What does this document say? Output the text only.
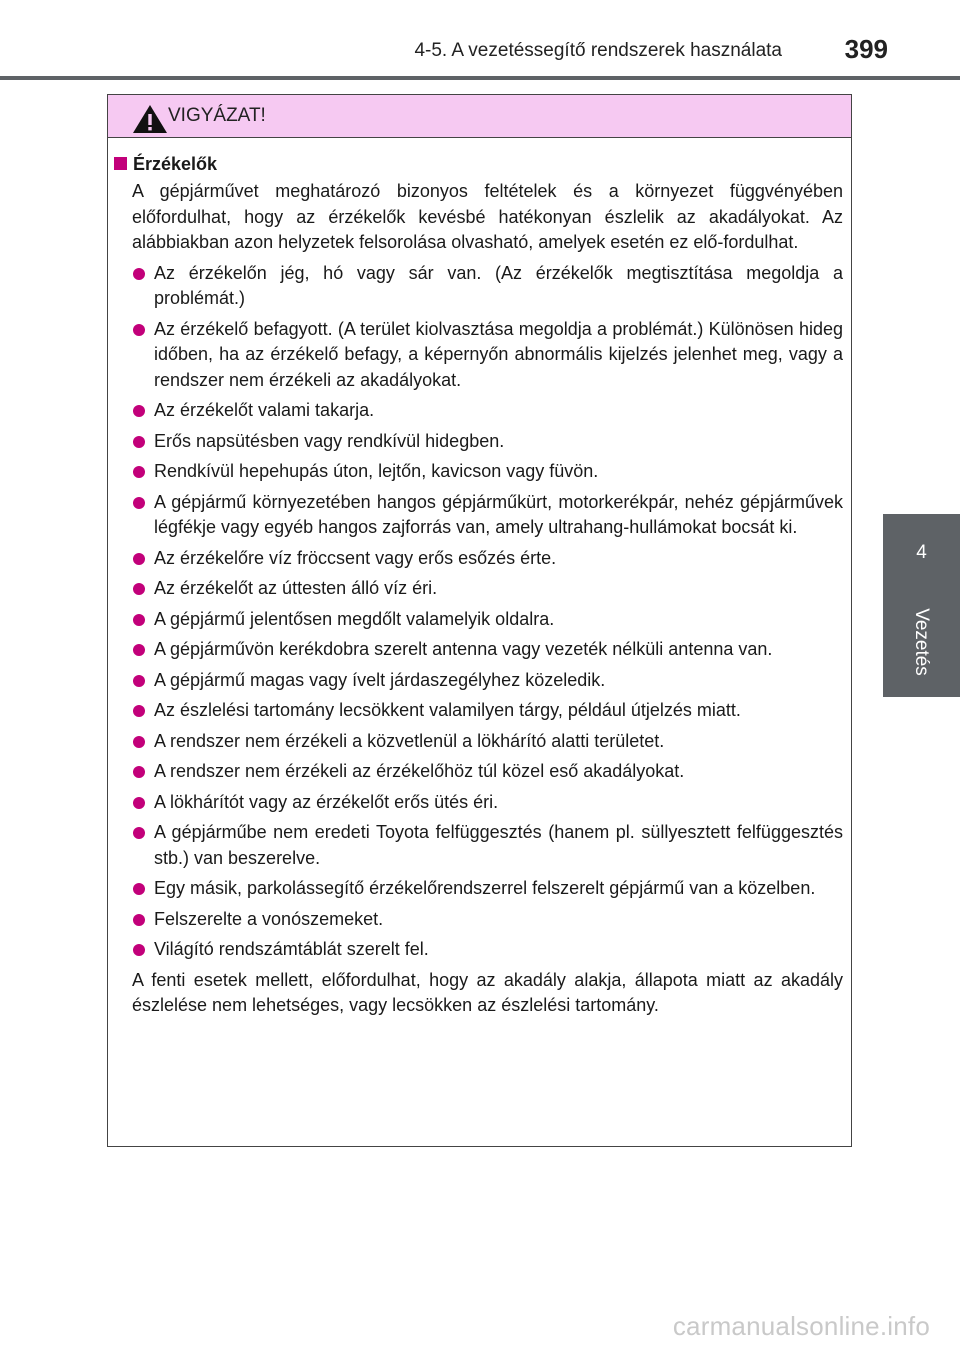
4-5. A vezetéssegítő rendszerek használata 399
4
Vezetés
VIGYÁZAT!
Érzékelők

A gépjárművet meghatározó bizonyos feltételek és a környezet függvényében előfordulhat, hogy az érzékelők kevésbé hatékonyan észlelik az akadályokat. Az alábbiakban azon helyzetek felsorolása olvasható, amelyek esetén ez elő-fordulhat.

Az érzékelőn jég, hó vagy sár van. (Az érzékelők megtisztítása megoldja a problémát.)
Az érzékelő befagyott. (A terület kiolvasztása megoldja a problémát.) Különösen hideg időben, ha az érzékelő befagy, a képernyőn abnormális kijelzés jelenhet meg, vagy a rendszer nem érzékeli az akadályokat.
Az érzékelőt valami takarja.
Erős napsütésben vagy rendkívül hidegben.
Rendkívül hepehupás úton, lejtőn, kavicson vagy füvön.
A gépjármű környezetében hangos gépjárműkürt, motorkerékpár, nehéz gépjárművek légfékje vagy egyéb hangos zajforrás van, amely ultrahang-hullámokat bocsát ki.
Az érzékelőre víz fröccsent vagy erős esőzés érte.
Az érzékelőt az úttesten álló víz éri.
A gépjármű jelentősen megdőlt valamelyik oldalra.
A gépjárművön kerékdobra szerelt antenna vagy vezeték nélküli antenna van.
A gépjármű magas vagy ívelt járdaszegélyhez közeledik.
Az észlelési tartomány lecsökkent valamilyen tárgy, például útjelzés miatt.
A rendszer nem érzékeli a közvetlenül a lökhárító alatti területet.
A rendszer nem érzékeli az érzékelőhöz túl közel eső akadályokat.
A lökhárítót vagy az érzékelőt erős ütés éri.
A gépjárműbe nem eredeti Toyota felfüggesztés (hanem pl. süllyesztett felfüggesztés stb.) van beszerelve.
Egy másik, parkolássegítő érzékelőrendszerrel felszerelt gépjármű van a közelben.
Felszerelte a vonószemeket.
Világító rendszámtáblát szerelt fel.

A fenti esetek mellett, előfordulhat, hogy az akadály alakja, állapota miatt az akadály észlelése nem lehetséges, vagy lecsökken az észlelési tartomány.

carmanualsonline.info
